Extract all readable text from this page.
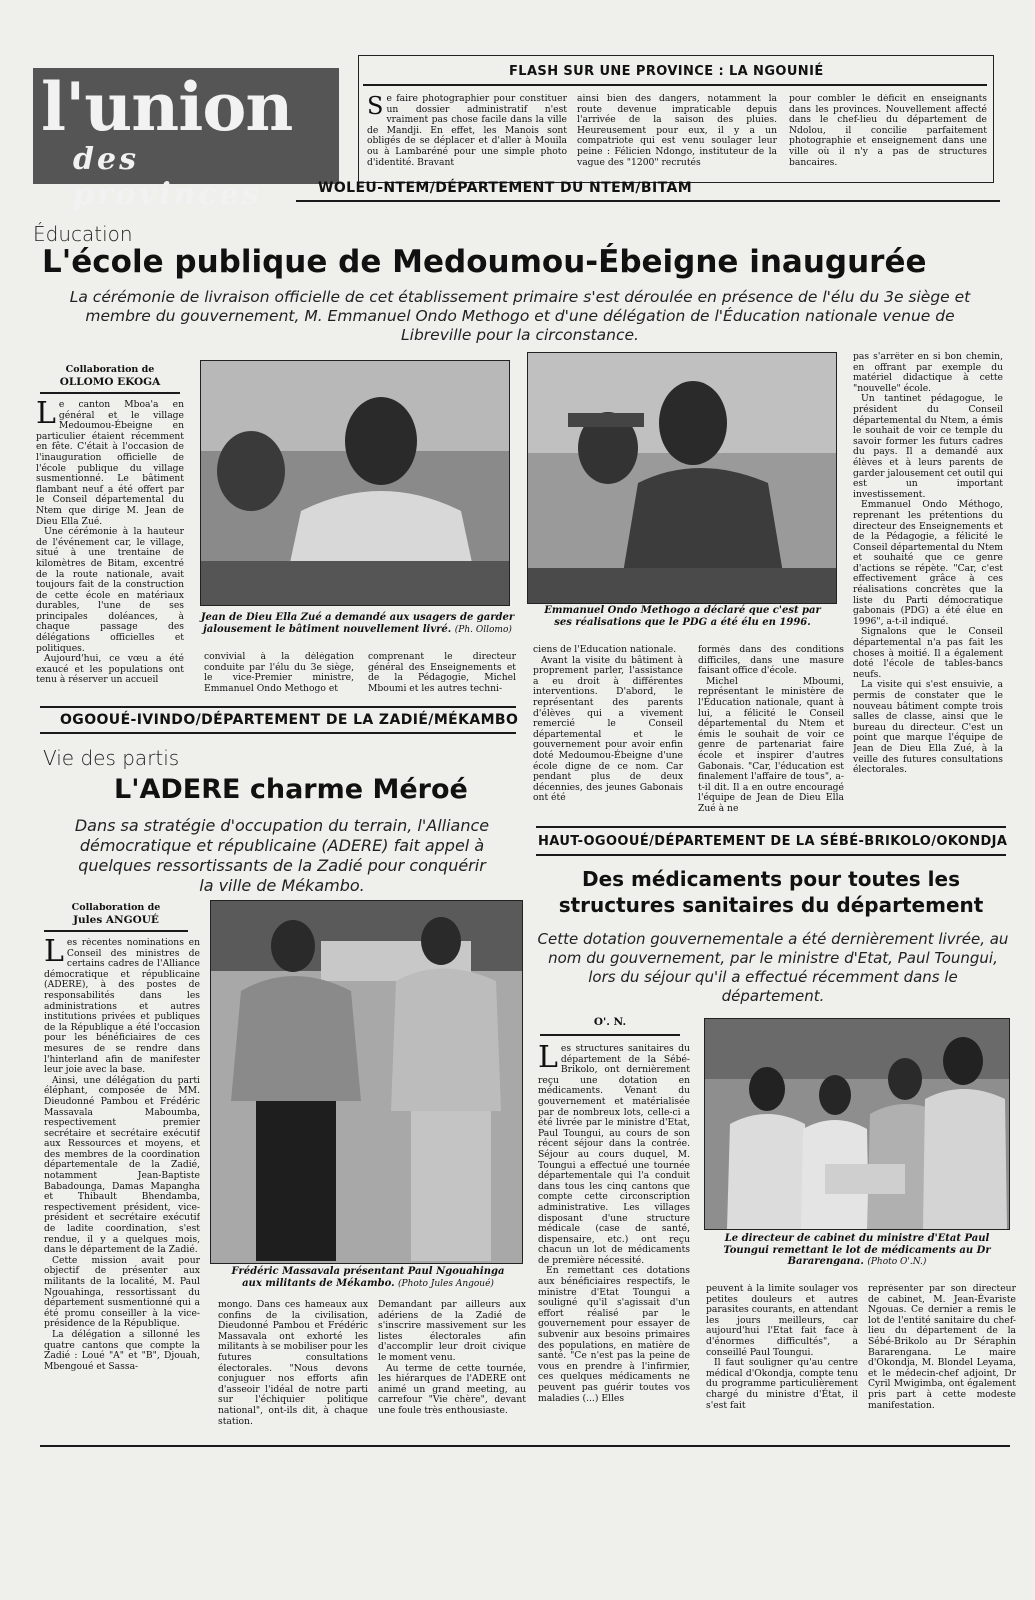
l'union
des provinces
FLASH SUR UNE PROVINCE : LA NGOUNIÉ
Se faire photographier pour constituer un dossier administratif n'est vraiment pas chose facile dans la ville de Mandji. En effet, les Manois sont obligés de se déplacer et d'aller à Mouila ou à Lambaréné pour une simple photo d'identité. Bravant
ainsi bien des dangers, notamment la route devenue impraticable depuis l'arrivée de la saison des pluies. Heureusement pour eux, il y a un compatriote qui est venu soulager leur peine : Félicien Ndongo, instituteur de la vague des "1200" recrutés
pour combler le déficit en enseignants dans les provinces. Nouvellement affecté dans le chef-lieu du département de Ndolou, il concilie parfaitement photographie et enseignement dans une ville où il n'y a pas de structures bancaires.
WOLEU-NTEM/DÉPARTEMENT DU NTEM/BITAM
Éducation
L'école publique de Medoumou-Ébeigne inaugurée
La cérémonie de livraison officielle de cet établissement primaire s'est déroulée en présence de l'élu du 3e siège et membre du gouvernement, M. Emmanuel Ondo Methogo et d'une délégation de l'Éducation nationale venue de Libreville pour la circonstance.
Collaboration de
OLLOMO EKOGA

Le canton Mboa'a en général et le village Medoumou-Ébeigne en particulier étaient récemment en fête. C'était à l'occasion de l'inauguration officielle de l'école publique du village susmentionné. Le bâtiment flambant neuf a été offert par le Conseil départemental du Ntem que dirige M. Jean de Dieu Ella Zué.

Une cérémonie à la hauteur de l'événement car, le village, situé à une trentaine de kilomètres de Bitam, excentré de la route nationale, avait toujours fait de la construction de cette école en matériaux durables, l'une de ses principales doléances, à chaque passage des délégations officielles et politiques.

Aujourd'hui, ce vœu a été exaucé et les populations ont tenu à réserver un accueil

Jean de Dieu Ella Zué a demandé aux usagers de garder jalousement le bâtiment nouvellement livré. (Ph. Ollomo)
Emmanuel Ondo Methogo a déclaré que c'est par ses réalisations que le PDG a été élu en 1996.
convivial à la délégation conduite par l'élu du 3e siège, le vice-Premier ministre, Emmanuel Ondo Methogo et
comprenant le directeur général des Enseignements et de la Pédagogie, Michel Mboumi et les autres techni-

ciens de l'Éducation nationale.

Avant la visite du bâtiment à proprement parler, l'assistance a eu droit à différentes interventions. D'abord, le représentant des parents d'élèves qui a vivement remercié le Conseil départemental et le gouvernement pour avoir enfin doté Medoumou-Ébeigne d'une école digne de ce nom. Car pendant plus de deux décennies, des jeunes Gabonais ont été

formés dans des conditions difficiles, dans une masure faisant office d'école.

Michel Mboumi, représentant le ministère de l'Éducation nationale, quant à lui, a félicité le Conseil départemental du Ntem et émis le souhait de voir ce genre de partenariat faire école et inspirer d'autres Gabonais. "Car, l'éducation est finalement l'affaire de tous", a-t-il dit. Il a en outre encouragé l'équipe de Jean de Dieu Ella Zué à ne

pas s'arrêter en si bon chemin, en offrant par exemple du matériel didactique à cette "nouvelle" école.

Un tantinet pédagogue, le président du Conseil départemental du Ntem, a émis le souhait de voir ce temple du savoir former les futurs cadres du pays. Il a demandé aux élèves et à leurs parents de garder jalousement cet outil qui est un important investissement.

Emmanuel Ondo Méthogo, reprenant les prétentions du directeur des Enseignements et de la Pédagogie, a félicité le Conseil départemental du Ntem et souhaité que ce genre d'actions se répète. "Car, c'est effectivement grâce à ces réalisations concrètes que la liste du Parti démocratique gabonais (PDG) a été élue en 1996", a-t-il indiqué.

Signalons que le Conseil départemental n'a pas fait les choses à moitié. Il a également doté l'école de tables-bancs neufs.

La visite qui s'est ensuivie, a permis de constater que le nouveau bâtiment compte trois salles de classe, ainsi que le bureau du directeur. C'est un point que marque l'équipe de Jean de Dieu Ella Zué, à la veille des futures consultations électorales.

OGOOUÉ-IVINDO/DÉPARTEMENT DE LA ZADIÉ/MÉKAMBO
Vie des partis
L'ADERE charme Méroé
Dans sa stratégie d'occupation du terrain, l'Alliance démocratique et républicaine (ADERE) fait appel à quelques ressortissants de la Zadié pour conquérir la ville de Mékambo.
Collaboration de
Jules ANGOUÉ

Les récentes nominations en Conseil des ministres de certains cadres de l'Alliance démocratique et républicaine (ADERE), à des postes de responsabilités dans les administrations et autres institutions privées et publiques de la République a été l'occasion pour les bénéficiaires de ces mesures de se rendre dans l'hinterland afin de manifester leur joie avec la base.

Ainsi, une délégation du parti éléphant, composée de MM. Dieudonné Pambou et Frédéric Massavala Maboumba, respectivement premier secrétaire et secrétaire exécutif aux Ressources et moyens, et des membres de la coordination départementale de la Zadié, notamment Jean-Baptiste Babadounga, Damas Mapangha et Thibault Bhendamba, respectivement président, vice-président et secrétaire exécutif de ladite coordination, s'est rendue, il y a quelques mois, dans le département de la Zadié.

Cette mission avait pour objectif de présenter aux militants de la localité, M. Paul Ngouahinga, ressortissant du département susmentionné qui a été promu conseiller à la vice-présidence de la République.

La délégation a sillonné les quatre cantons que compte la Zadié : Loué "A" et "B", Djouah, Mbengoué et Sassa-

Frédéric Massavala présentant Paul Ngouahinga aux militants de Mékambo. (Photo Jules Angoué)
mongo. Dans ces hameaux aux confins de la civilisation, Dieudonné Pambou et Frédéric Massavala ont exhorté les militants à se mobiliser pour les futures consultations électorales. "Nous devons conjuguer nos efforts afin d'asseoir l'idéal de notre parti sur l'échiquier politique national", ont-ils dit, à chaque station.

Demandant par ailleurs aux adériens de la Zadié de s'inscrire massivement sur les listes électorales afin d'accomplir leur droit civique le moment venu.

Au terme de cette tournée, les hiérarques de l'ADERE ont animé un grand meeting, au carrefour "Vie chère", devant une foule très enthousiaste.

HAUT-OGOOUÉ/DÉPARTEMENT DE LA SÉBÉ-BRIKOLO/OKONDJA
Des médicaments pour toutes les structures sanitaires du département
Cette dotation gouvernementale a été dernièrement livrée, au nom du gouvernement, par le ministre d'Etat, Paul Toungui, lors du séjour qu'il a effectué récemment dans le département.
O'. N.

Les structures sanitaires du département de la Sébé-Brikolo, ont dernièrement reçu une dotation en médicaments. Venant du gouvernement et matérialisée par de nombreux lots, celle-ci a été livrée par le ministre d'Etat, Paul Toungui, au cours de son récent séjour dans la contrée. Séjour au cours duquel, M. Toungui a effectué une tournée départementale qui l'a conduit dans tous les cinq cantons que compte cette circonscription administrative. Les villages disposant d'une structure médicale (case de santé, dispensaire, etc.) ont reçu chacun un lot de médicaments de première nécessité.

En remettant ces dotations aux bénéficiaires respectifs, le ministre d'Etat Toungui a souligné qu'il s'agissait d'un effort réalisé par le gouvernement pour essayer de subvenir aux besoins primaires des populations, en matière de santé. "Ce n'est pas la peine de vous en prendre à l'infirmier, ces quelques médicaments ne peuvent pas guérir toutes vos maladies (...) Elles

Le directeur de cabinet du ministre d'Etat Paul Toungui remettant le lot de médicaments au Dr Bararengana. (Photo O'.N.)

peuvent à la limite soulager vos petites douleurs et autres parasites courants, en attendant les jours meilleurs, car aujourd'hui l'Etat fait face à d'énormes difficultés", a conseillé Paul Toungui.

Il faut souligner qu'au centre médical d'Okondja, compte tenu du programme particulièrement chargé du ministre d'État, il s'est fait

représenter par son directeur de cabinet, M. Jean-Évariste Ngouas. Ce dernier a remis le lot de l'entité sanitaire du chef-lieu du département de la Sébé-Brikolo au Dr Séraphin Bararengana. Le maire d'Okondja, M. Blondel Leyama, et le médecin-chef adjoint, Dr Cyril Mwigimba, ont également pris part à cette modeste manifestation.
